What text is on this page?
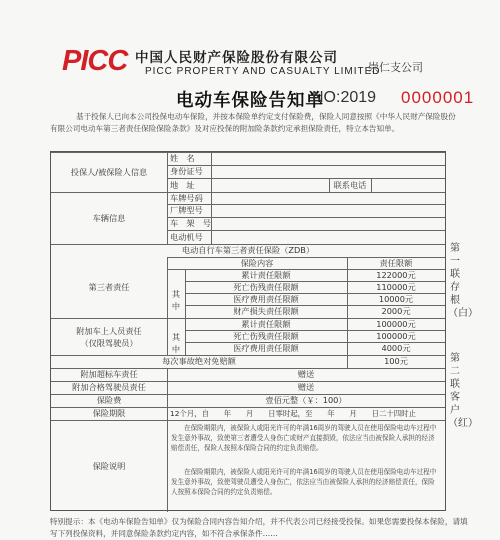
PICC 中国人民财产保险股份有限公司
PICC PROPERTY AND CASUALTY LIMITED
崇仁支公司
电动车保险告知单
NO:2019 0000001
基于投保人已向本公司投保电动车保险，并按本保险单约定支付保险费，保险人同意按照《中华人民财产保险股份有限公司电动车第三者责任保险保险条款》及对应投保的附加险条款约定承担保险责任，特立本告知单。
投保人/被保险人信息
姓　名
身份证号
地　址	联系电话
车辆信息
车牌号码
厂牌型号
车　架　号
电动机号
电动自行车第三者责任保险（ZDB）
保险内容	责任限额
第三者责任
其
中
累计责任限额	122000元
死亡伤残责任限额	110000元
医疗费用责任限额	10000元
财产损失责任限额	2000元
附加车上人员责任
（仅限驾驶员）
其
中
累计责任限额	100000元
死亡伤残责任限额	100000元
医疗费用责任限额	4000元
每次事故绝对免赔额	100元
附加超标车责任	赠送
附加合格驾驶员责任	赠送
保险费	壹佰元整（￥：100）
保险期限	12个月，自　　年　　月　　日零时起，至　　年　　月　　日二十四时止
保险说明
在保险期限内，被保险人或阳光许可的年满16周岁的驾驶人员在使用保险电动车过程中发生意外事故，致使第三者遭受人身伤亡或财产直接损毁，依法应当由被保险人承担的经济赔偿责任，保险人按照本保险合同的约定负责赔偿。
在保险期限内，被保险人或阳光许可的年满16周岁的驾驶人员在使用保险电动车过程中发生意外事故，致使驾驶员遭受人身伤亡，依法应当由被保险人承担的经济赔偿责任，保险人按照本保险合同的约定负责赔偿。
第一联　存根（白）
第二联　客户（红）
特别提示：本《电动车保险告知单》仅为保险合同内容告知介绍，并不代表公司已经接受投保。如果您需要投保本保险，请填写下列投保资料，并同意保险条款约定内容，如不符合承保条件……
